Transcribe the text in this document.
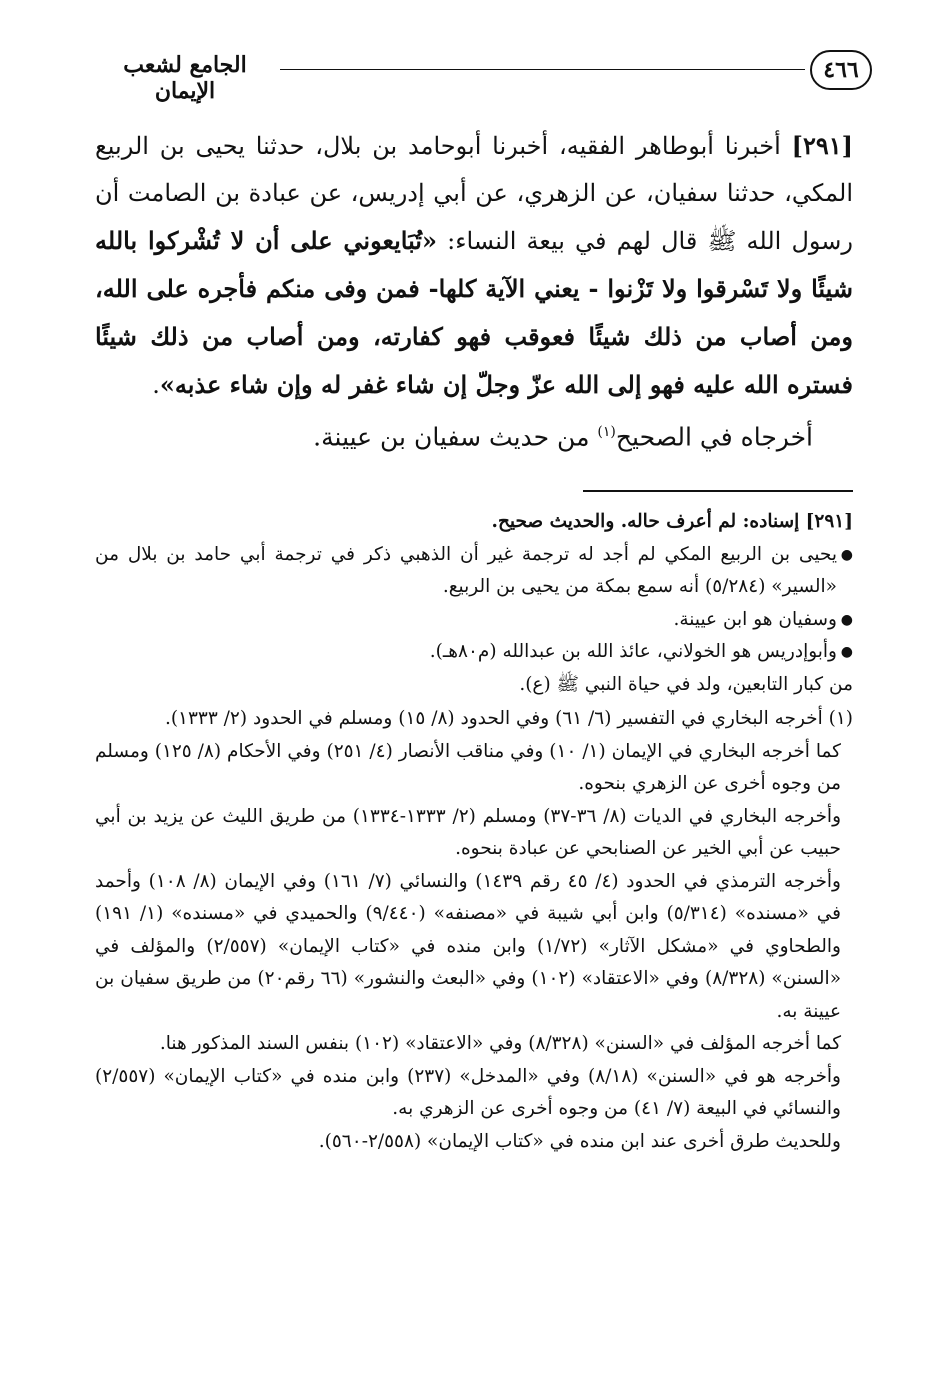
٤٦٦
الجامع لشعب الإيمان

[٢٩١] أخبرنا أبوطاهر الفقيه، أخبرنا أبوحامد بن بلال، حدثنا يحيى بن الربيع المكي، حدثنا سفيان، عن الزهري، عن أبي إدريس، عن عبادة بن الصامت أن رسول الله ﷺ قال لهم في بيعة النساء: «تُبَايعوني على أن لا تُشْركوا بالله شيئًا ولا تَسْرقوا ولا تَزْنوا - يعني الآية كلها- فمن وفى منكم فأجره على الله، ومن أصاب من ذلك شيئًا فعوقب فهو كفارته، ومن أصاب من ذلك شيئًا فستره الله عليه فهو إلى الله عزّ وجلّ إن شاء غفر له وإن شاء عذبه».

أخرجاه في الصحيح$^{(١)}$ من حديث سفيان بن عيينة.

[٢٩١] إسناده: لم أعرف حاله. والحديث صحيح.

●
يحيى بن الربيع المكي لم أجد له ترجمة غير أن الذهبي ذكر في ترجمة أبي حامد بن بلال من «السير» (٥/٢٨٤) أنه سمع بمكة من يحيى بن الربيع.
●
وسفيان هو ابن عيينة.
●
وأبوإدريس هو الخولاني، عائذ الله بن عبدالله (م٨٠هـ).

من كبار التابعين، ولد في حياة النبي ﷺ (ع).

(١) أخرجه البخاري في التفسير (٦/ ٦١) وفي الحدود (٨/ ١٥) ومسلم في الحدود (٢/ ١٣٣٣).

كما أخرجه البخاري في الإيمان (١/ ١٠) وفي مناقب الأنصار (٤/ ٢٥١) وفي الأحكام (٨/ ١٢٥) ومسلم من وجوه أخرى عن الزهري بنحوه.

وأخرجه البخاري في الديات (٨/ ٣٦-٣٧) ومسلم (٢/ ١٣٣٣-١٣٣٤) من طريق الليث عن يزيد بن أبي حبيب عن أبي الخير عن الصنابحي عن عبادة بنحوه.

وأخرجه الترمذي في الحدود (٤/ ٤٥ رقم ١٤٣٩) والنسائي (٧/ ١٦١) وفي الإيمان (٨/ ١٠٨) وأحمد في «مسنده» (٥/٣١٤) وابن أبي شيبة في «مصنفه» (٩/٤٤٠) والحميدي في «مسنده» (١/ ١٩١) والطحاوي في «مشكل الآثار» (١/٧٢) وابن منده في «كتاب الإيمان» (٢/٥٥٧) والمؤلف في «السنن» (٨/٣٢٨) وفي «الاعتقاد» (١٠٢) وفي «البعث والنشور» (٦٦ رقم٢٠) من طريق سفيان بن عيينة به.

كما أخرجه المؤلف في «السنن» (٨/٣٢٨) وفي «الاعتقاد» (١٠٢) بنفس السند المذكور هنا.

وأخرجه هو في «السنن» (٨/١٨) وفي «المدخل» (٢٣٧) وابن منده في «كتاب الإيمان» (٢/٥٥٧) والنسائي في البيعة (٧/ ٤١) من وجوه أخرى عن الزهري به.

وللحديث طرق أخرى عند ابن منده في «كتاب الإيمان» (٢/٥٥٨-٥٦٠).
